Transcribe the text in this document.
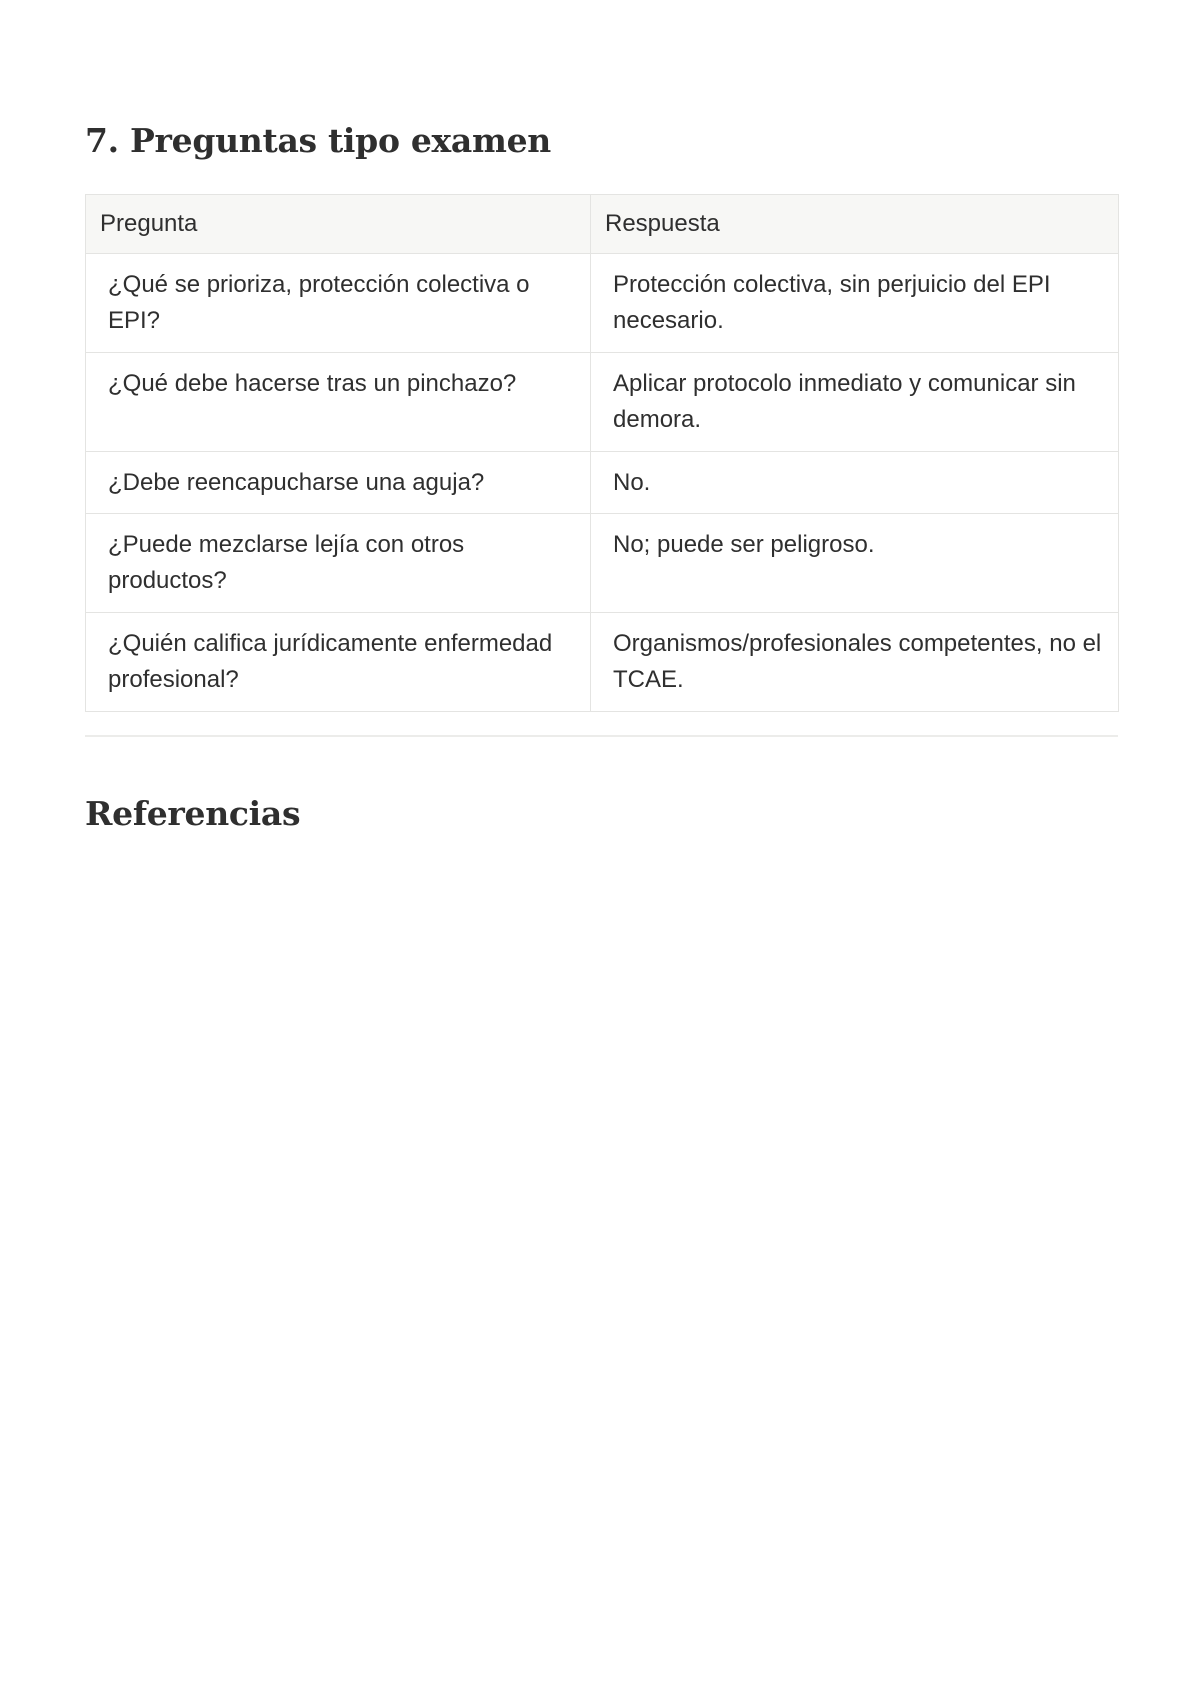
7. Preguntas tipo examen
Pregunta	Respuesta
¿Qué se prioriza, protección colectiva o EPI?	Protección colectiva, sin perjuicio del EPI necesario.
¿Qué debe hacerse tras un pinchazo?	Aplicar protocolo inmediato y comunicar sin demora.
¿Debe reencapucharse una aguja?	No.
¿Puede mezclarse lejía con otros productos?	No; puede ser peligroso.
¿Quién califica jurídicamente enfermedad profesional?	Organismos/profesionales competentes, no el TCAE.
Referencias
